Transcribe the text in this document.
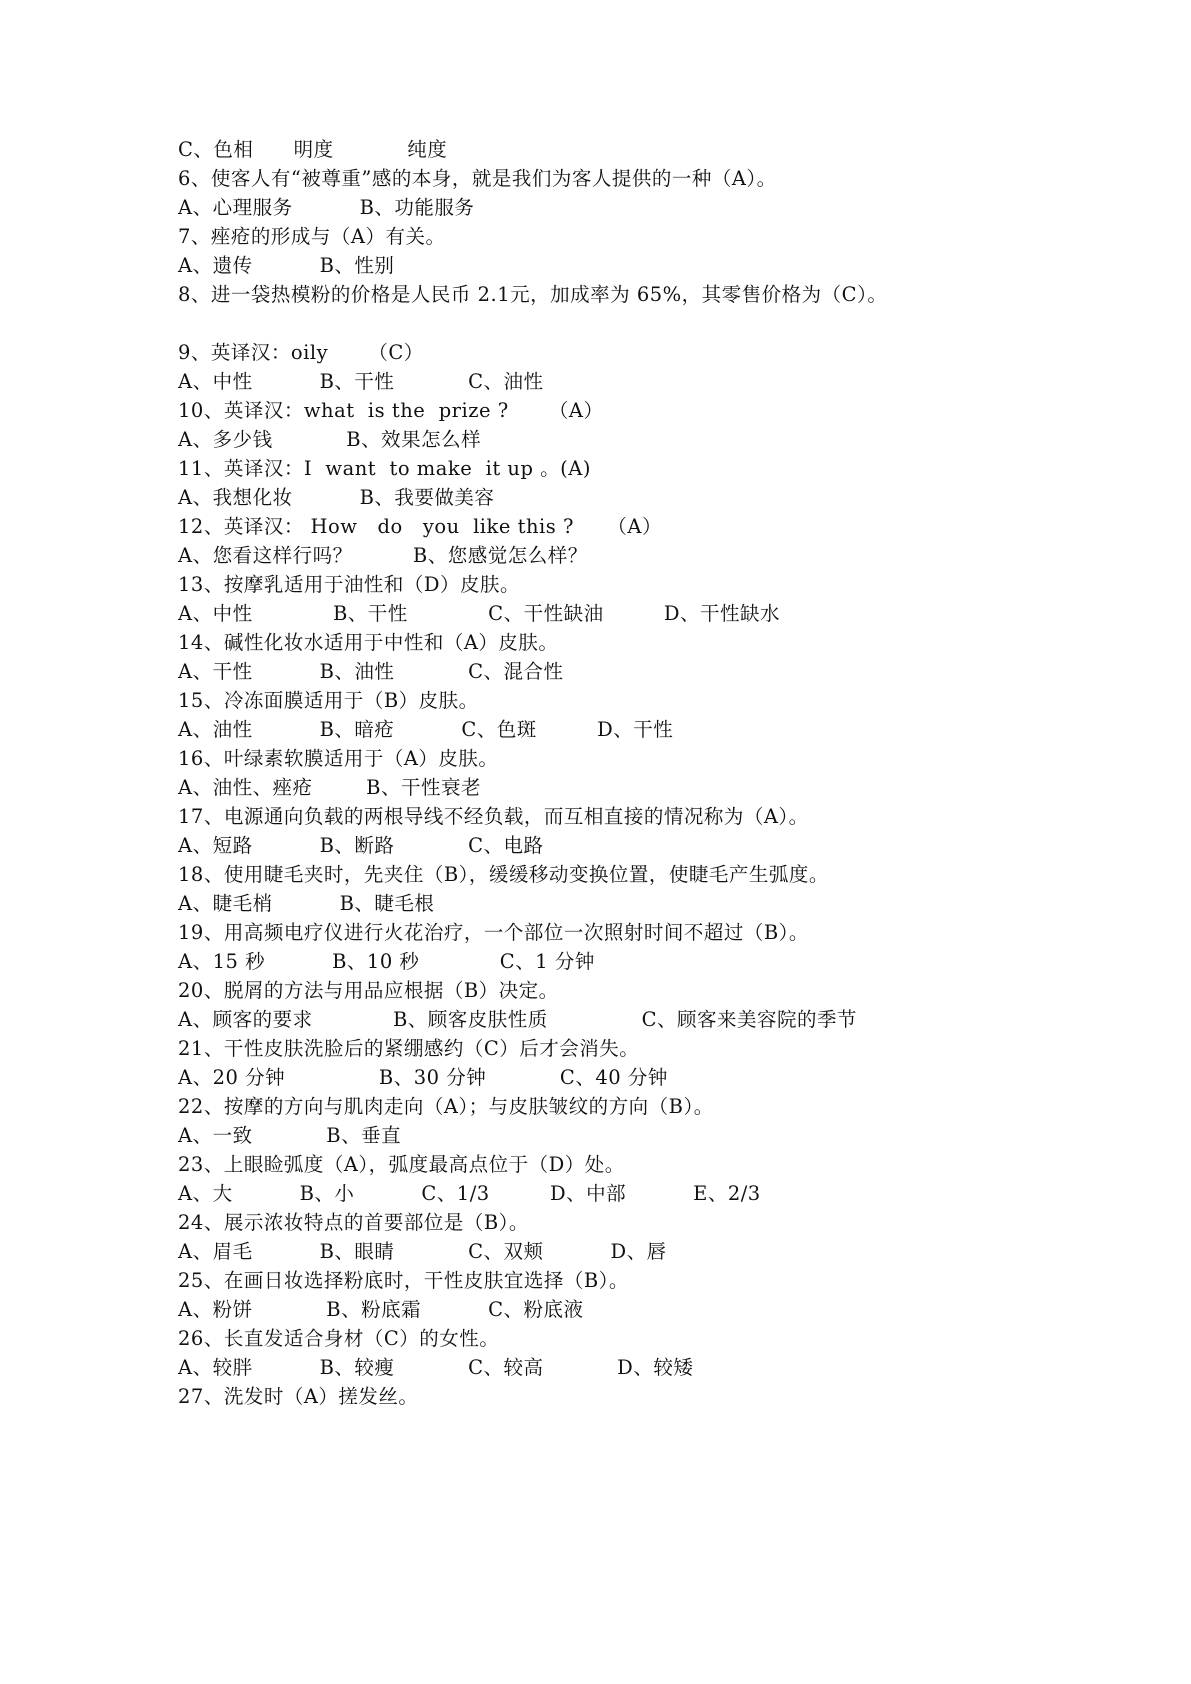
C、色相      明度           纯度
6、使客人有“被尊重”感的本身，就是我们为客人提供的一种（A）。
A、心理服务          B、功能服务
7、痤疮的形成与（A）有关。
A、遗传          B、性别
8、进一袋热模粉的价格是人民币 2.1元，加成率为 65%，其零售价格为（C）。
9、英译汉：oily      （C）
A、中性          B、干性           C、油性
10、英译汉：what  is the  prize ?      （A）
A、多少钱           B、效果怎么样
11、英译汉：I  want  to make  it up 。(A)
A、我想化妆          B、我要做美容
12、英译汉： How   do   you  like this ?     （A）
A、您看这样行吗？         B、您感觉怎么样？
13、按摩乳适用于油性和（D）皮肤。
A、中性            B、干性            C、干性缺油         D、干性缺水
14、碱性化妆水适用于中性和（A）皮肤。
A、干性          B、油性           C、混合性
15、冷冻面膜适用于（B）皮肤。
A、油性          B、暗疮          C、色斑         D、干性
16、叶绿素软膜适用于（A）皮肤。
A、油性、痤疮        B、干性衰老
17、电源通向负载的两根导线不经负载，而互相直接的情况称为（A）。
A、短路          B、断路           C、电路
18、使用睫毛夹时，先夹住（B），缓缓移动变换位置，使睫毛产生弧度。
A、睫毛梢          B、睫毛根
19、用高频电疗仪进行火花治疗，一个部位一次照射时间不超过（B）。
A、15 秒          B、10 秒            C、1 分钟
20、脱屑的方法与用品应根据（B）决定。
A、顾客的要求            B、顾客皮肤性质              C、顾客来美容院的季节
21、干性皮肤洗脸后的紧绷感约（C）后才会消失。
A、20 分钟              B、30 分钟           C、40 分钟
22、按摩的方向与肌肉走向（A）；与皮肤皱纹的方向（B）。
A、一致           B、垂直
23、上眼睑弧度（A），弧度最高点位于（D）处。
A、大          B、小          C、1/3         D、中部          E、2/3
24、展示浓妆特点的首要部位是（B）。
A、眉毛          B、眼睛           C、双颊          D、唇
25、在画日妆选择粉底时，干性皮肤宜选择（B）。
A、粉饼           B、粉底霜          C、粉底液
26、长直发适合身材（C）的女性。
A、较胖          B、较瘦           C、较高           D、较矮
27、洗发时（A）搓发丝。
